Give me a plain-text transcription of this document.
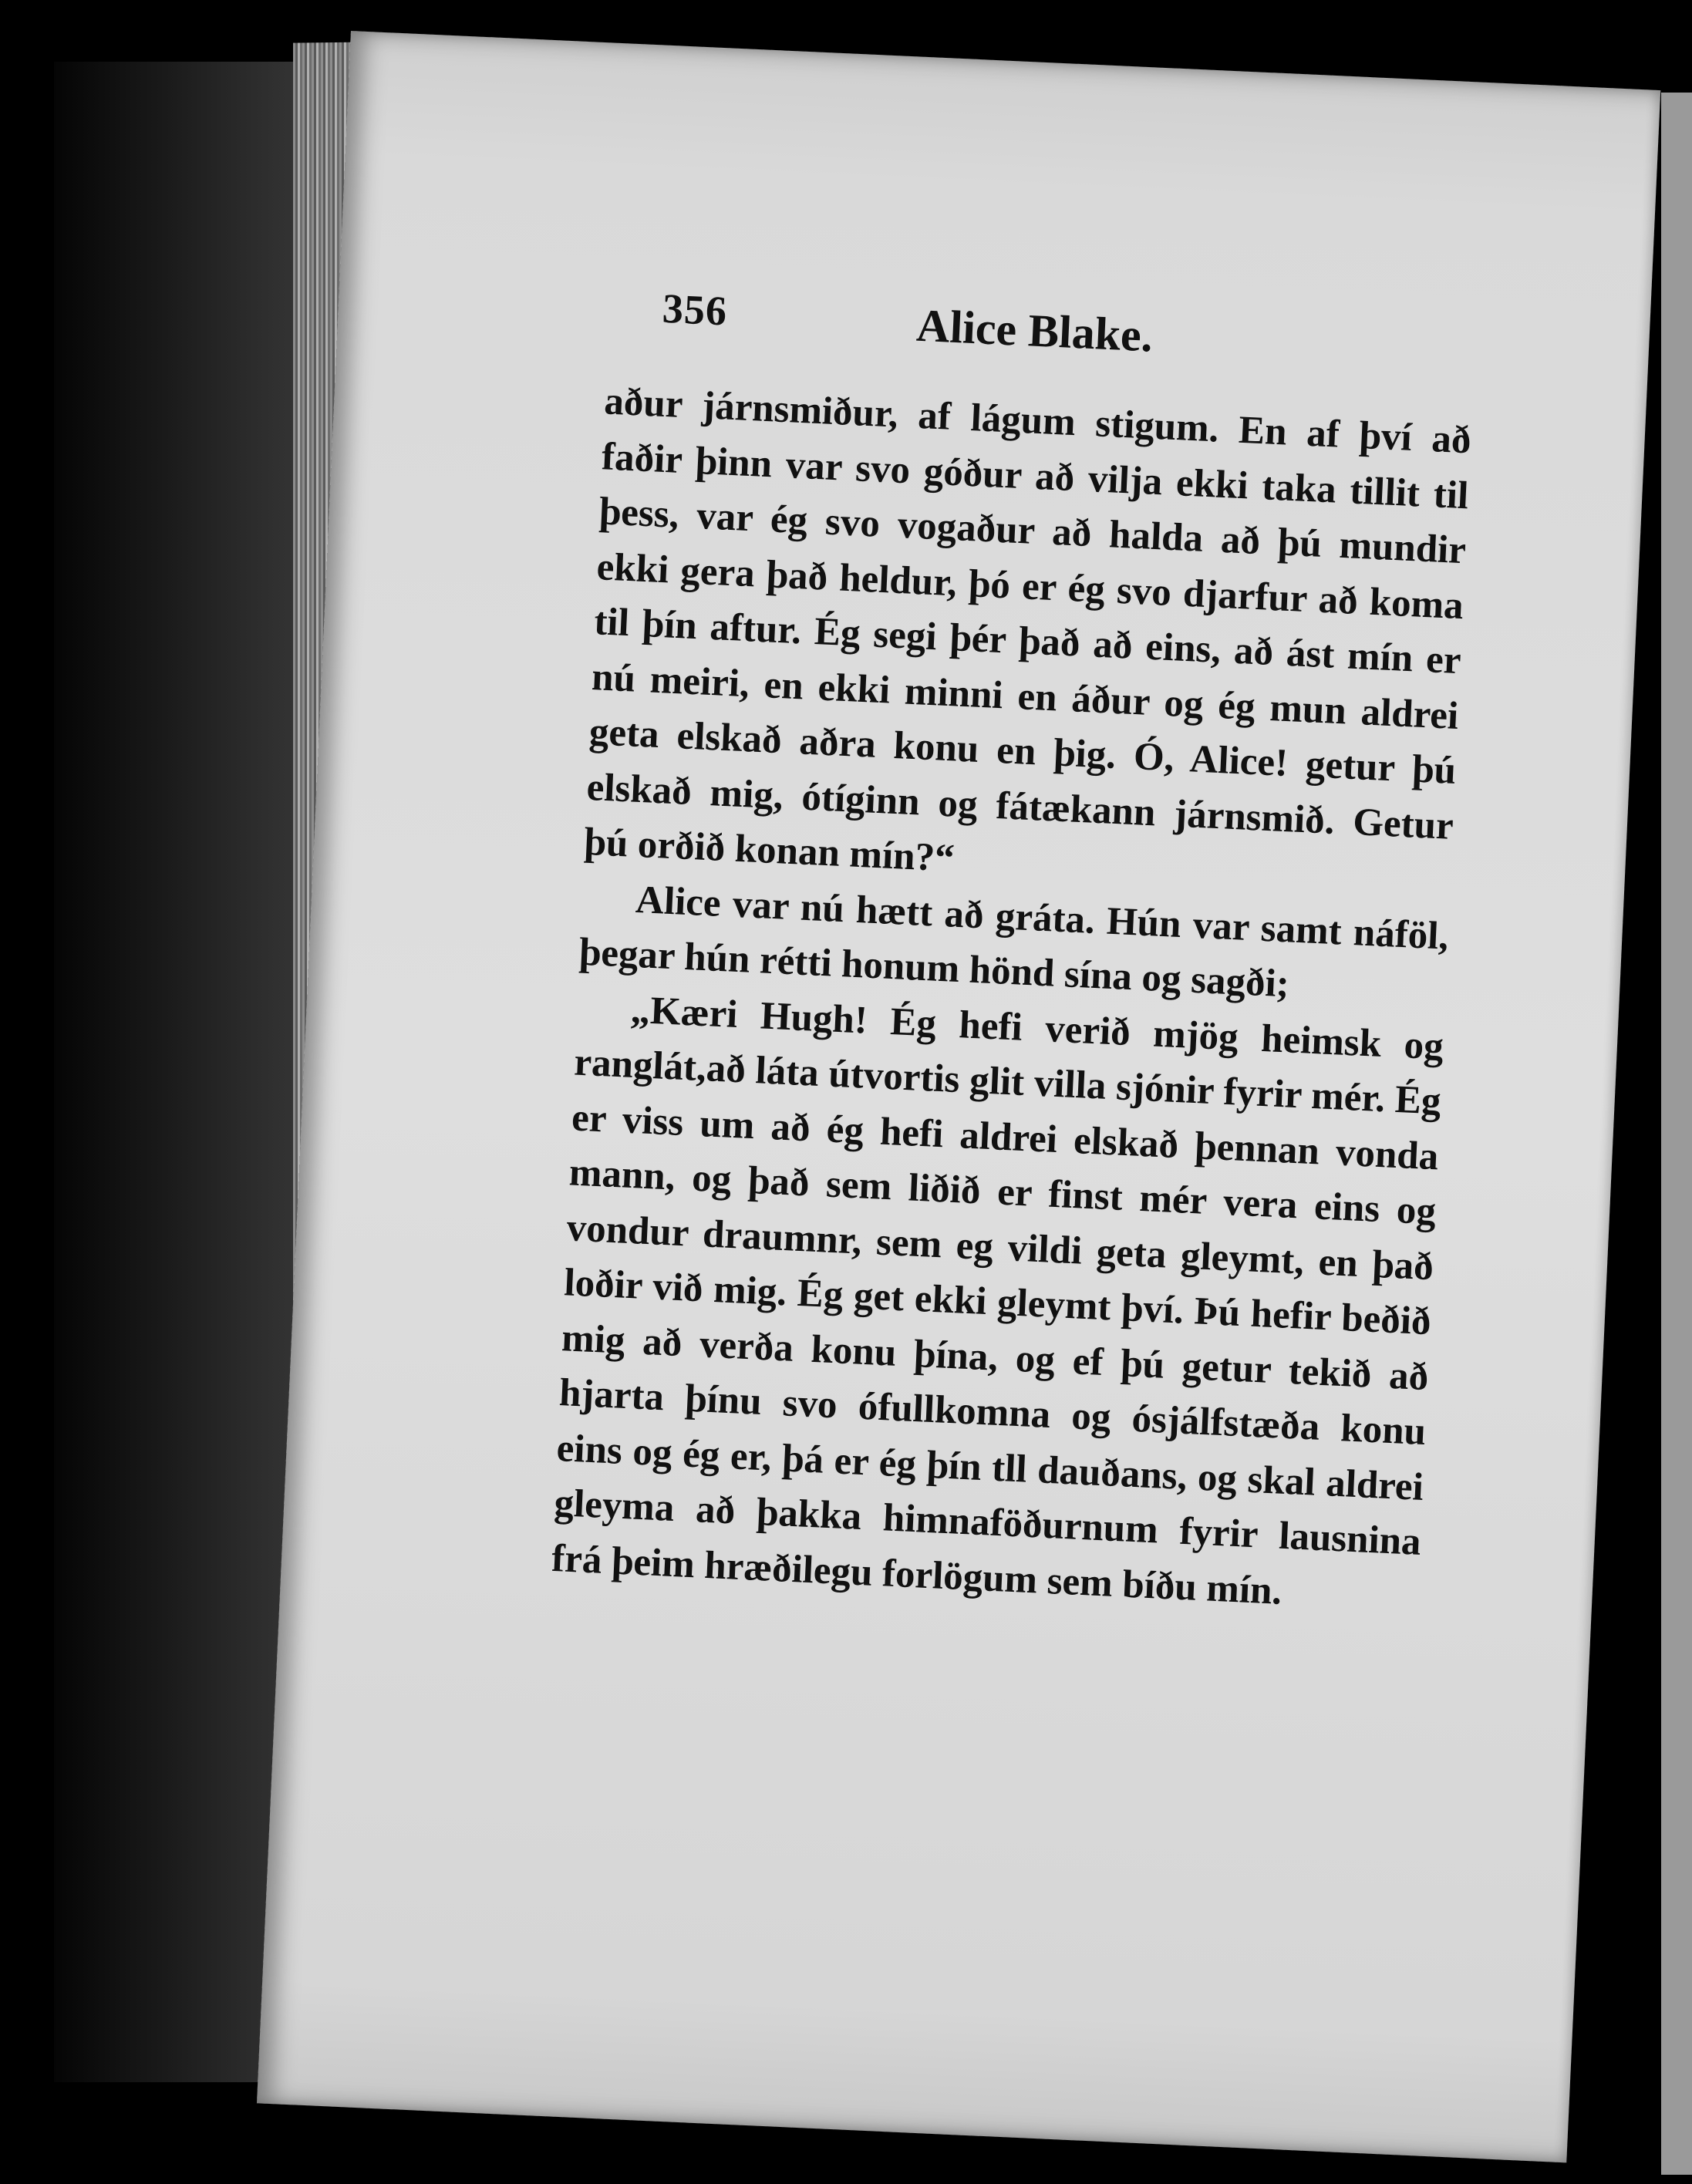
356	Alice Blake.

aður járnsmiður, af lágum stigum. En af því að faðir þinn var svo góður að vilja ekki taka tillit til þess, var ég svo vogaður að halda að þú mundir ekki gera það heldur, þó er ég svo djarfur að koma til þín aftur. Ég segi þér það að eins, að ást mín er nú meiri, en ekki minni en áður og ég mun aldrei geta elskað aðra konu en þig. Ó, Alice! getur þú elskað mig, ótíginn og fátækann járnsmið. Getur þú orðið konan mín?“

Alice var nú hætt að gráta. Hún var samt náföl, þegar hún rétti honum hönd sína og sagði;

„Kæri Hugh! Ég hefi verið mjög heimsk og ranglát,að láta útvortis glit villa sjónir fyrir mér. Ég er viss um að ég hefi aldrei elskað þennan vonda mann, og það sem liðið er finst mér vera eins og vondur draumnr, sem eg vildi geta gleymt, en það loðir við mig. Ég get ekki gleymt því. Þú hefir beðið mig að verða konu þína, og ef þú getur tekið að hjarta þínu svo ófullkomna og ósjálfstæða konu eins og ég er, þá er ég þín tll dauðans, og skal aldrei gleyma að þakka himnaföðurnum fyrir lausnina frá þeim hræðilegu forlögum sem bíðu mín.
